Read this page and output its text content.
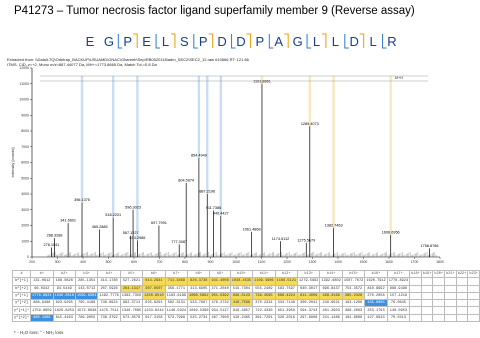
P41273 – Tumor necrosis factor ligand superfamily member 9 (Reverse assay)
E G P E L S P D D P A G L L D L R
Extracted from: \\Data\LTQ\Orbitrap_BACKUP\USUAMD\GNAC\Ghareeb\Sep\RB0520118\adm_SEC2\SEC2_12.raw #10666 RT: 121.66
ITMS, CID, z=+2, Mono m/z=887.44077 Da, MH+=1773.8665 Da, Match Tol.=0.8 Da
0
1000
2000
3000
4000
5000
6000
7000
8000
9000
10000
11000
12000
200	300	400	500	600	700	800	900	1000	1100	1200	1300	1400	1500	1600	1700	1800
Intensity [counts]
276.1541
288.3288
341.6601
396.1375
465.2885
518.2201
596.3023
587.1227
613.2986
697.7991
777.3087
804.5974
854.4949
887.2196
911.7386
940.4427
1061.4868
1101.8861
1174.5112
1289.4073
1275.5679
1382.7463
1606.6956
1758.8786
M+H
#	b+	b2+	b3+	b4+	b5+	b6+	b7+	b8+	b9+	b10+	b11+	b12+	b13+	b14+	b15+	b16+	b17+	b18+	b19+	b20+	b21+	b22+	b23+
b^[+1]	131.0612	188.0826	285.1354	414.1780	527.2621	614.2941	711.3469	826.3738	941.4008	1038.4535	1109.4906	1166.5121	1279.5962	1392.6802	1507.7072	1620.7912	1776.8924						
b^[+2]	66.0342	94.5449	143.0713	207.5926	264.1347	307.6507	356.1771	413.6905	471.2040	519.7304	555.2489	583.7597	640.3017	696.8437	754.3572	810.8992	888.9498						
y^[+1]	1776.8924	1646.8518	1589.8304	1492.7776	1363.7350	1250.6510	1163.6189	1066.5662	951.5392	836.5123	739.4595	668.4224	611.4009	498.3169	385.2328	270.2058	157.1218						
y^[+2]	888.9498	823.9295	795.4188	746.8924	682.3711	625.8291	582.3131	533.7867	476.2732	418.7598	370.2334	334.7148	306.2041	249.6621	193.1200	135.6065	79.0645						
y^[+1]*	1759.8659	1629.8253	1572.8038	1475.7511	1346.7085	1233.6244	1146.5924	1049.5396	934.5127	819.4857	722.4330	651.3959	594.3744	481.2903	368.2063	253.1793	140.0953						
y^[+2]*	880.4366	815.4163	786.9055	738.3792	673.8579	617.3158	573.7998	525.2734	467.7600	410.2465	361.7201	326.2016	297.6908	241.1488	184.6068	127.0933	70.5513						
* - H₂O loss; ° - NH₃ loss
